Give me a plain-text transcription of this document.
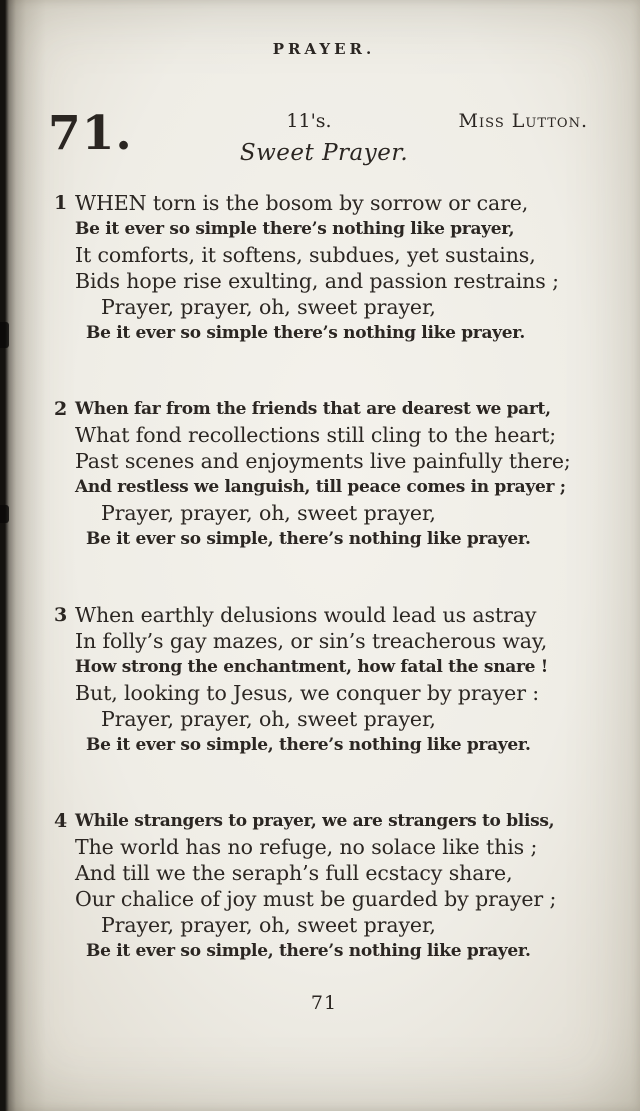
PRAYER.
71.	11's.	Miss Lutton.
Sweet Prayer.
1 WHEN torn is the bosom by sorrow or care,
Be it ever so simple there’s nothing like prayer,
It comforts, it softens, subdues, yet sustains,
Bids hope rise exulting, and passion restrains ;
Prayer, prayer, oh, sweet prayer,
Be it ever so simple there’s nothing like prayer.
2 When far from the friends that are dearest we part,
What fond recollections still cling to the heart;
Past scenes and enjoyments live painfully there;
And restless we languish, till peace comes in prayer ;
Prayer, prayer, oh, sweet prayer,
Be it ever so simple, there’s nothing like prayer.
3 When earthly delusions would lead us astray
In folly’s gay mazes, or sin’s treacherous way,
How strong the enchantment, how fatal the snare !
But, looking to Jesus, we conquer by prayer :
Prayer, prayer, oh, sweet prayer,
Be it ever so simple, there’s nothing like prayer.
4 While strangers to prayer, we are strangers to bliss,
The world has no refuge, no solace like this ;
And till we the seraph’s full ecstacy share,
Our chalice of joy must be guarded by prayer ;
Prayer, prayer, oh, sweet prayer,
Be it ever so simple, there’s nothing like prayer.
71
